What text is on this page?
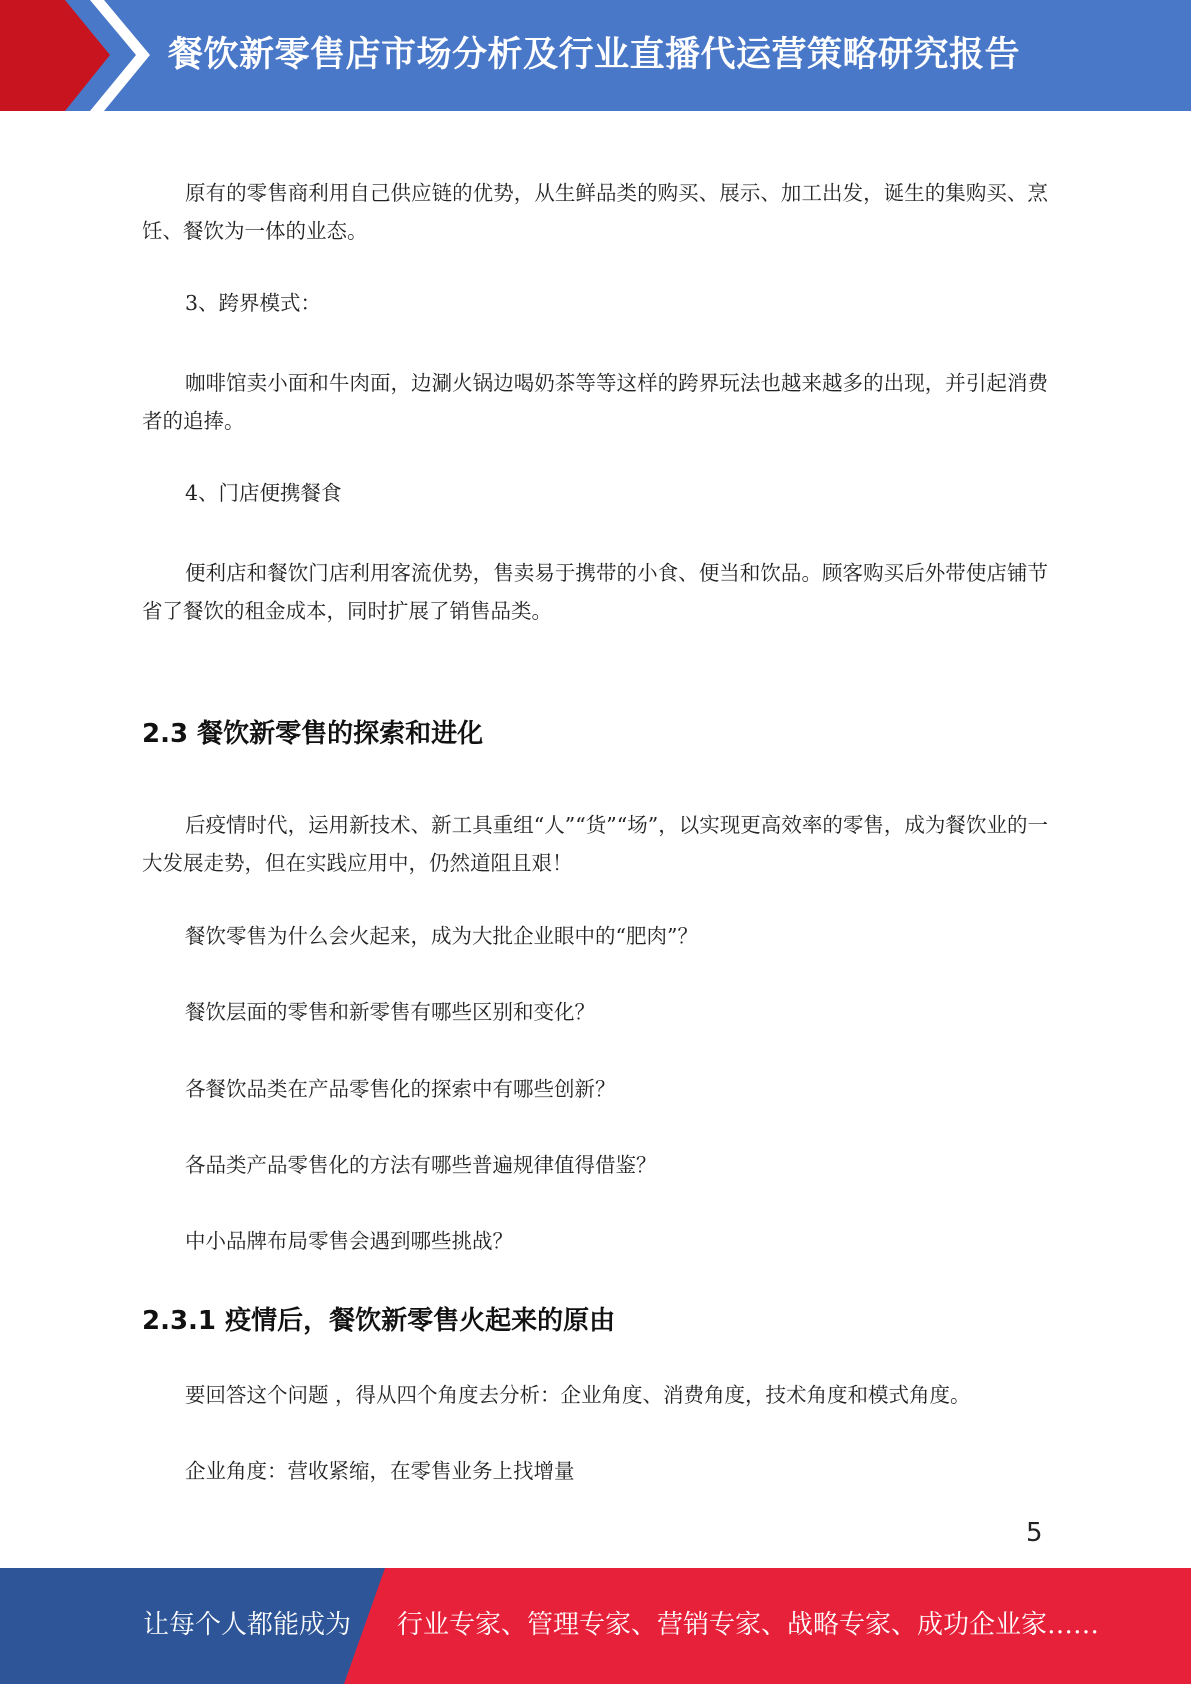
餐饮新零售店市场分析及行业直播代运营策略研究报告
原有的零售商利用自己供应链的优势，从生鲜品类的购买、展示、加工出发，诞生的集购买、烹饪、餐饮为一体的业态。
3、跨界模式：
咖啡馆卖小面和牛肉面，边涮火锅边喝奶茶等等这样的跨界玩法也越来越多的出现，并引起消费者的追捧。
4、门店便携餐食
便利店和餐饮门店利用客流优势，售卖易于携带的小食、便当和饮品。顾客购买后外带使店铺节省了餐饮的租金成本，同时扩展了销售品类。
2.3 餐饮新零售的探索和进化
后疫情时代，运用新技术、新工具重组“人”“货”“场”，以实现更高效率的零售，成为餐饮业的一大发展走势，但在实践应用中，仍然道阻且艰！
餐饮零售为什么会火起来，成为大批企业眼中的“肥肉”？
餐饮层面的零售和新零售有哪些区别和变化？
各餐饮品类在产品零售化的探索中有哪些创新？
各品类产品零售化的方法有哪些普遍规律值得借鉴？
中小品牌布局零售会遇到哪些挑战？
2.3.1 疫情后，餐饮新零售火起来的原由
要回答这个问题 ，得从四个角度去分析：企业角度、消费角度，技术角度和模式角度。
企业角度：营收紧缩，在零售业务上找增量
5
让每个人都能成为 行业专家、管理专家、营销专家、战略专家、成功企业家……
